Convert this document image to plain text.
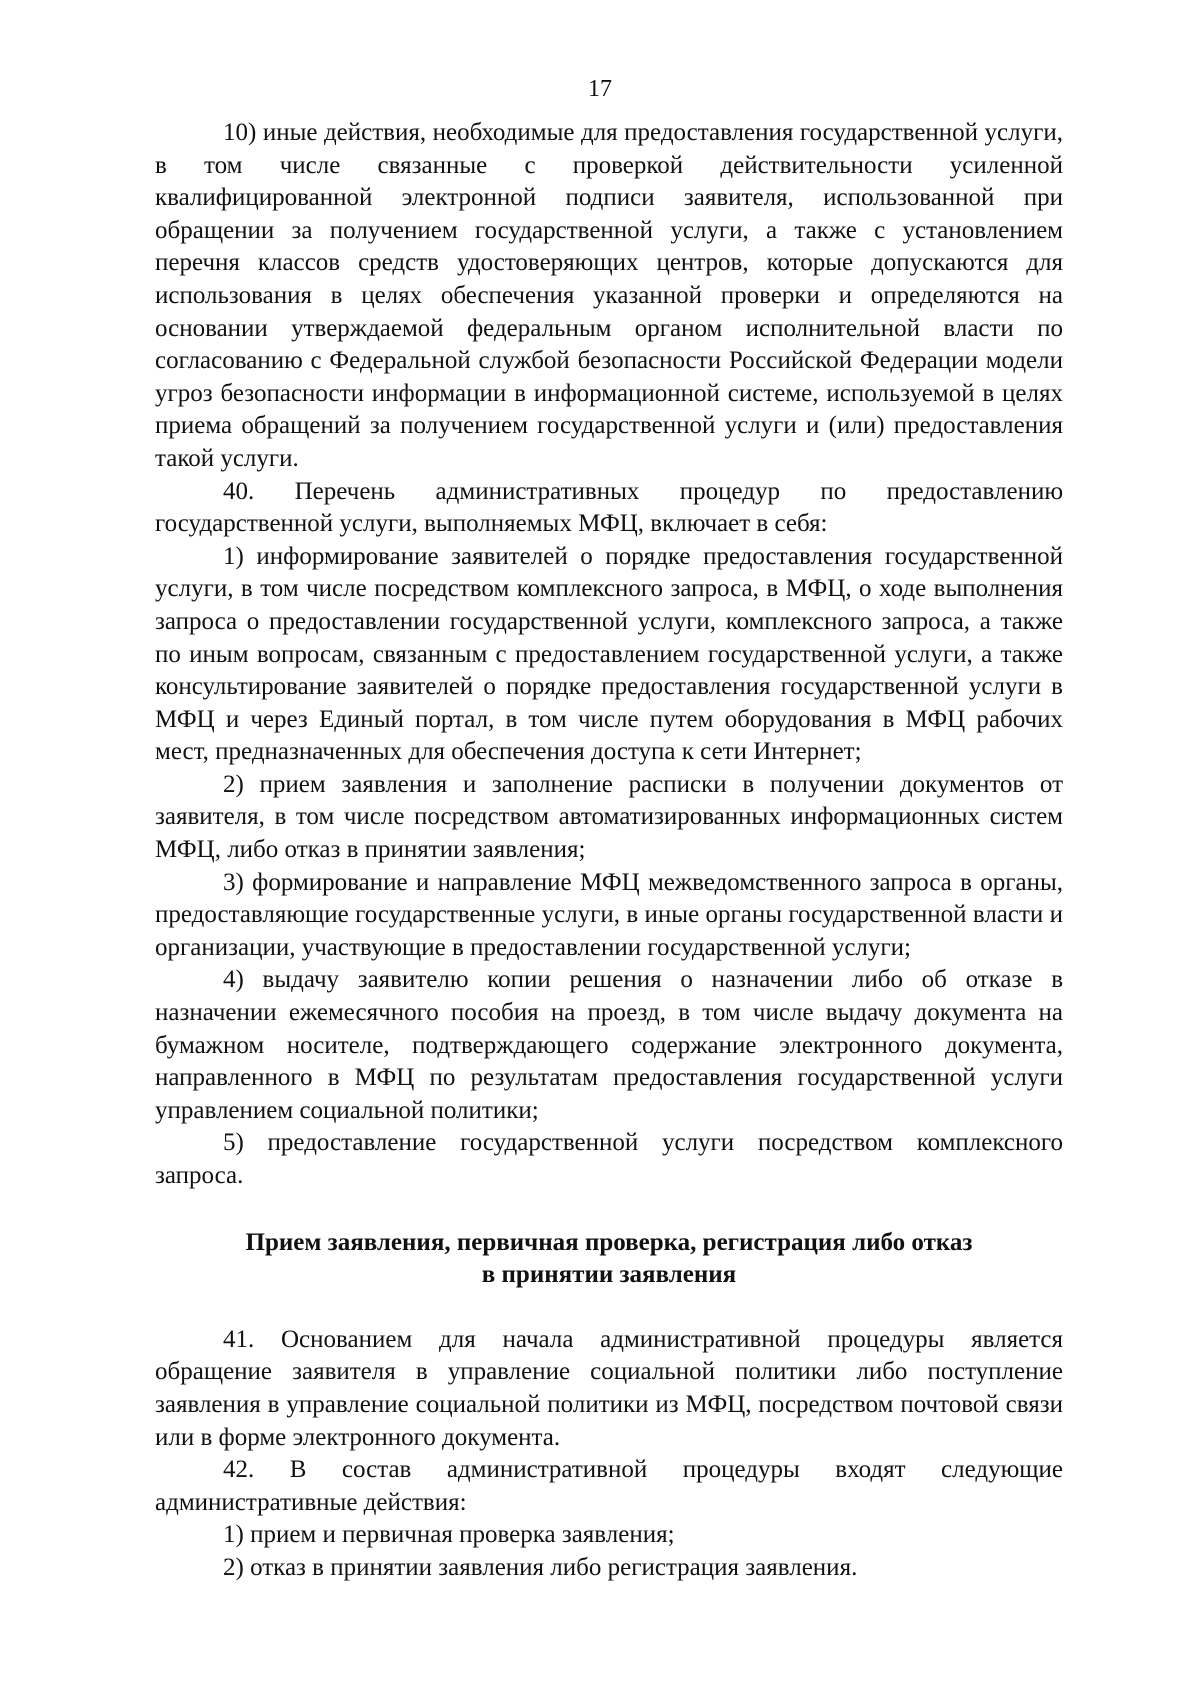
17

10) иные действия, необходимые для предоставления государственной услуги, в том числе связанные с проверкой действительности усиленной квалифицированной электронной подписи заявителя, использованной при обращении за получением государственной услуги, а также с установлением перечня классов средств удостоверяющих центров, которые допускаются для использования в целях обеспечения указанной проверки и определяются на основании утверждаемой федеральным органом исполнительной власти по согласованию с Федеральной службой безопасности Российской Федерации модели угроз безопасности информации в информационной системе, используемой в целях приема обращений за получением государственной услуги и (или) предоставления такой услуги.

40. Перечень административных процедур по предоставлению государственной услуги, выполняемых МФЦ, включает в себя:

1) информирование заявителей о порядке предоставления государственной услуги, в том числе посредством комплексного запроса, в МФЦ, о ходе выполнения запроса о предоставлении государственной услуги, комплексного запроса, а также по иным вопросам, связанным с предоставлением государственной услуги, а также консультирование заявителей о порядке предоставления государственной услуги в МФЦ и через Единый портал, в том числе путем оборудования в МФЦ рабочих мест, предназначенных для обеспечения доступа к сети Интернет;

2) прием заявления и заполнение расписки в получении документов от заявителя, в том числе посредством автоматизированных информационных систем МФЦ, либо отказ в принятии заявления;

3) формирование и направление МФЦ межведомственного запроса в органы, предоставляющие государственные услуги, в иные органы государственной власти и организации, участвующие в предоставлении государственной услуги;

4) выдачу заявителю копии решения о назначении либо об отказе в назначении ежемесячного пособия на проезд, в том числе выдачу документа на бумажном носителе, подтверждающего содержание электронного документа, направленного в МФЦ по результатам предоставления государственной услуги управлением социальной политики;

5) предоставление государственной услуги посредством комплексного запроса.

Прием заявления, первичная проверка, регистрация либо отказ
в принятии заявления

41. Основанием для начала административной процедуры является обращение заявителя в управление социальной политики либо поступление заявления в управление социальной политики из МФЦ, посредством почтовой связи или в форме электронного документа.

42. В состав административной процедуры входят следующие административные действия:

1) прием и первичная проверка заявления;

2) отказ в принятии заявления либо регистрация заявления.
